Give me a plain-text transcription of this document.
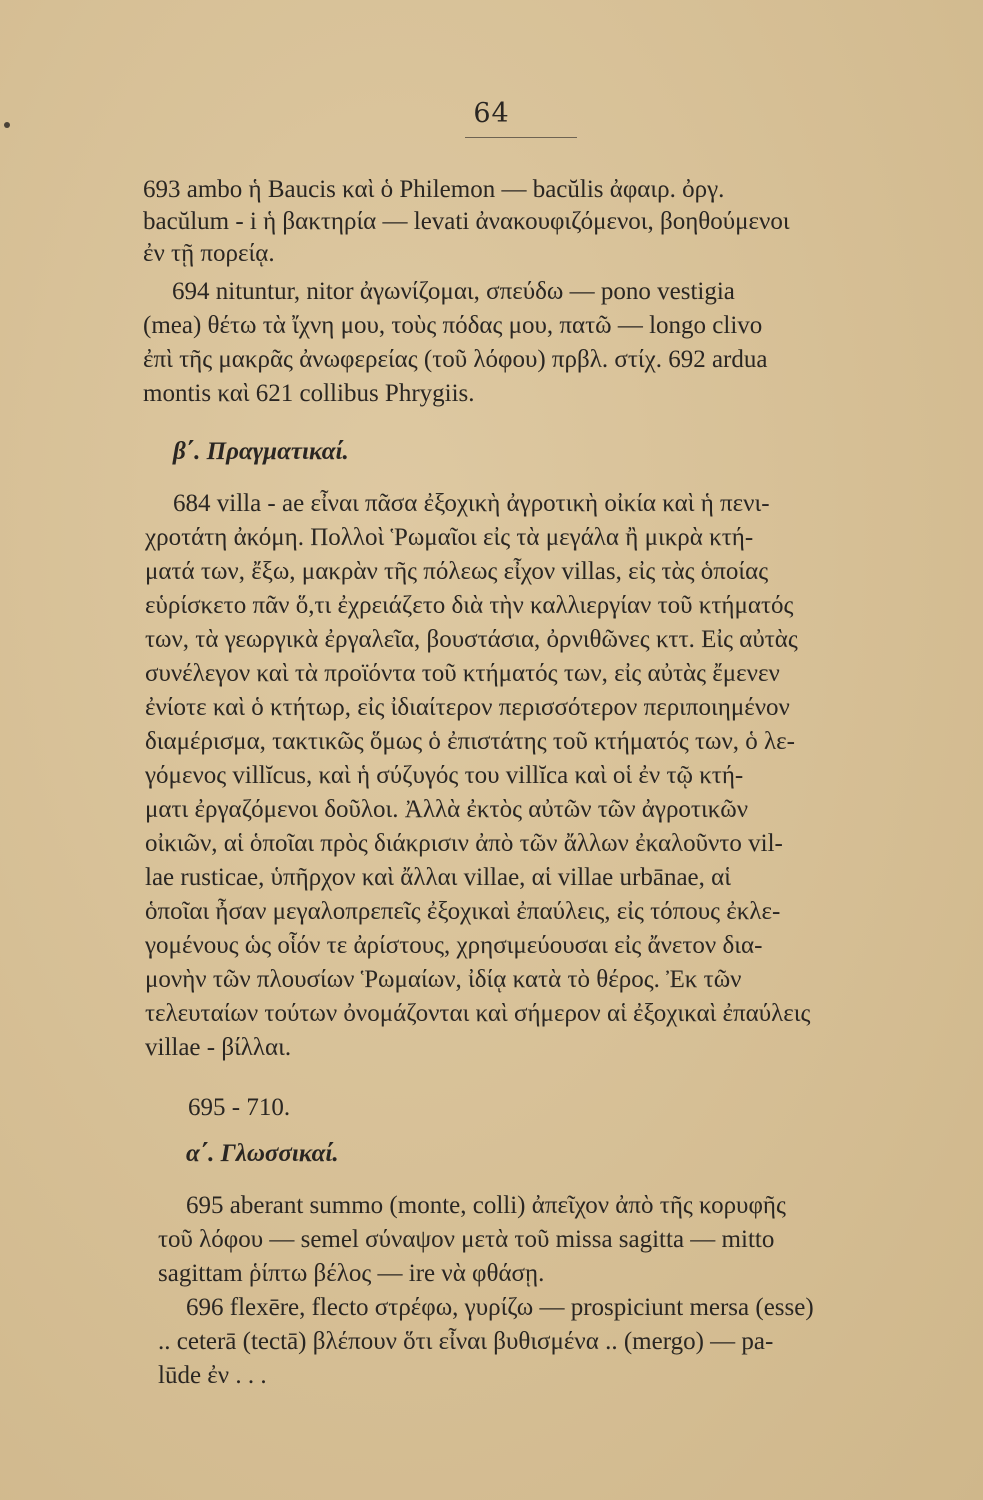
64
693 ambo ἡ Baucis καὶ ὁ Philemon — bacŭlis ἀφαιρ. ὀργ.
bacŭlum - i ἡ βακτηρία — levati ἀνακουφιζόμενοι, βοηθούμενοι
ἐν τῇ πορείᾳ.
694 nituntur, nitor ἀγωνίζομαι, σπεύδω — pono vestigia
(mea) θέτω τὰ ἴχνη μου, τοὺς πόδας μου, πατῶ — longo clivo
ἐπὶ τῆς μακρᾶς ἀνωφερείας (τοῦ λόφου) πρβλ. στίχ. 692 ardua
montis καὶ 621 collibus Phrygiis.
β΄. Πραγματικαί.
684 villa - ae εἶναι πᾶσα ἐξοχικὴ ἀγροτικὴ οἰκία καὶ ἡ πενι-
χροτάτη ἀκόμη. Πολλοὶ Ῥωμαῖοι εἰς τὰ μεγάλα ἢ μικρὰ κτή-
ματά των, ἔξω, μακρὰν τῆς πόλεως εἶχον villas, εἰς τὰς ὁποίας
εὑρίσκετο πᾶν ὅ,τι ἐχρειάζετο διὰ τὴν καλλιεργίαν τοῦ κτήματός
των, τὰ γεωργικὰ ἐργαλεῖα, βουστάσια, ὀρνιθῶνες κττ. Εἰς αὐτὰς
συνέλεγον καὶ τὰ προϊόντα τοῦ κτήματός των, εἰς αὐτὰς ἔμενεν
ἐνίοτε καὶ ὁ κτήτωρ, εἰς ἰδιαίτερον περισσότερον περιποιημένον
διαμέρισμα, τακτικῶς ὅμως ὁ ἐπιστάτης τοῦ κτήματός των, ὁ λε-
γόμενος villĭcus, καὶ ἡ σύζυγός του villĭca καὶ οἱ ἐν τῷ κτή-
ματι ἐργαζόμενοι δοῦλοι. Ἀλλὰ ἐκτὸς αὐτῶν τῶν ἀγροτικῶν
οἰκιῶν, αἱ ὁποῖαι πρὸς διάκρισιν ἀπὸ τῶν ἄλλων ἐκαλοῦντο vil-
lae rusticae, ὑπῆρχον καὶ ἄλλαι villae, αἱ villae urbānae, αἱ
ὁποῖαι ἦσαν μεγαλοπρεπεῖς ἐξοχικαὶ ἐπαύλεις, εἰς τόπους ἐκλε-
γομένους ὡς οἷόν τε ἀρίστους, χρησιμεύουσαι εἰς ἄνετον δια-
μονὴν τῶν πλουσίων Ῥωμαίων, ἰδίᾳ κατὰ τὸ θέρος. Ἐκ τῶν
τελευταίων τούτων ὀνομάζονται καὶ σήμερον αἱ ἐξοχικαὶ ἐπαύλεις
villae - βίλλαι.
695 - 710.
α΄. Γλωσσικαί.
695 aberant summo (monte, colli) ἀπεῖχον ἀπὸ τῆς κορυφῆς
τοῦ λόφου — semel σύναψον μετὰ τοῦ missa sagitta — mitto
sagittam ῥίπτω βέλος — ire νὰ φθάσῃ.
696 flexēre, flecto στρέφω, γυρίζω — prospiciunt mersa (esse)
.. ceterā (tectā) βλέπουν ὅτι εἶναι βυθισμένα .. (mergo) — pa-
lūde ἐν . . .
